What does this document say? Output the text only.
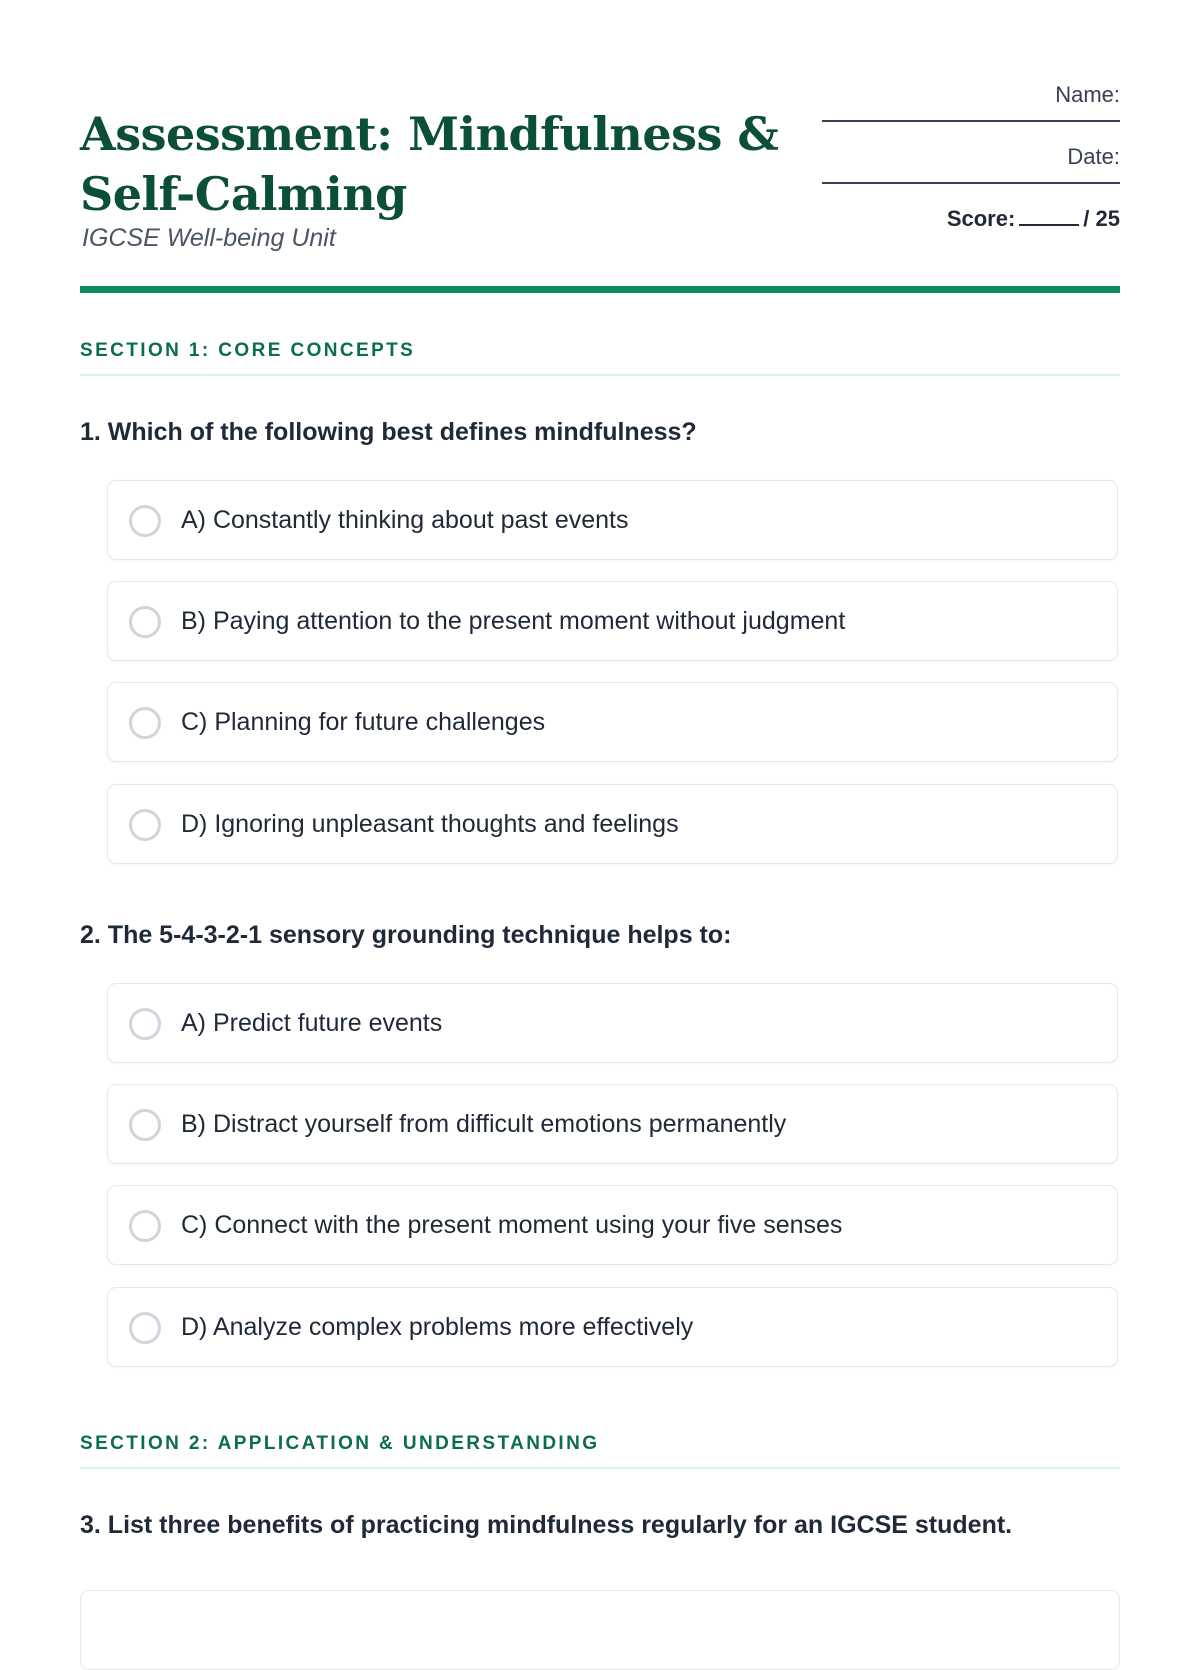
Assessment: Mindfulness & Self-Calming
IGCSE Well-being Unit
Name:
Date:
Score:	/ 25
SECTION 1: CORE CONCEPTS
1. Which of the following best defines mindfulness?
A) Constantly thinking about past events
B) Paying attention to the present moment without judgment
C) Planning for future challenges
D) Ignoring unpleasant thoughts and feelings
2. The 5-4-3-2-1 sensory grounding technique helps to:
A) Predict future events
B) Distract yourself from difficult emotions permanently
C) Connect with the present moment using your five senses
D) Analyze complex problems more effectively
SECTION 2: APPLICATION & UNDERSTANDING
3. List three benefits of practicing mindfulness regularly for an IGCSE student.
